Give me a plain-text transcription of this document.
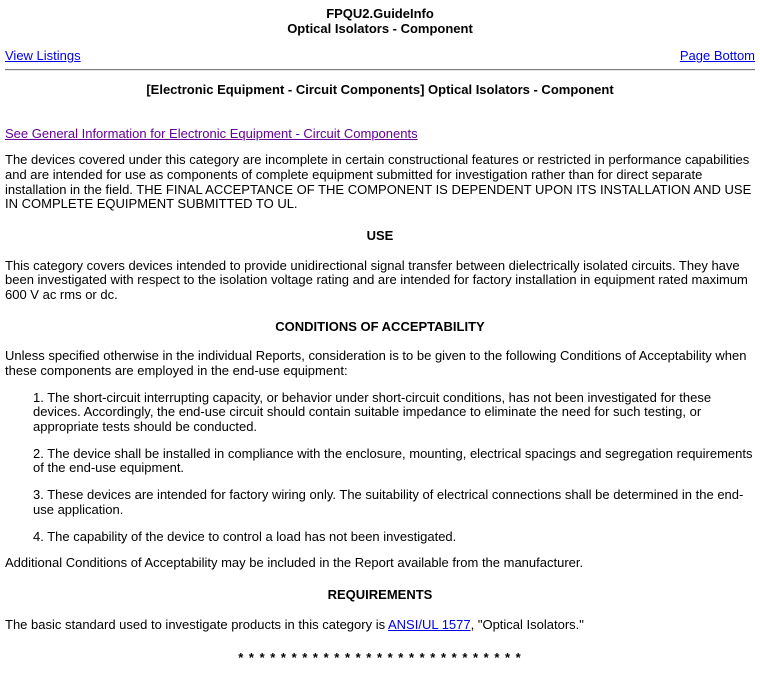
FPQU2.GuideInfo
Optical Isolators - Component
View Listings	Page Bottom
[Electronic Equipment - Circuit Components] Optical Isolators - Component

See General Information for Electronic Equipment - Circuit Components

The devices covered under this category are incomplete in certain constructional features or restricted in performance capabilities and are intended for use as components of complete equipment submitted for investigation rather than for direct separate installation in the field. THE FINAL ACCEPTANCE OF THE COMPONENT IS DEPENDENT UPON ITS INSTALLATION AND USE IN COMPLETE EQUIPMENT SUBMITTED TO UL.

USE

This category covers devices intended to provide unidirectional signal transfer between dielectrically isolated circuits. They have been investigated with respect to the isolation voltage rating and are intended for factory installation in equipment rated maximum 600 V ac rms or dc.

CONDITIONS OF ACCEPTABILITY

Unless specified otherwise in the individual Reports, consideration is to be given to the following Conditions of Acceptability when these components are employed in the end-use equipment:

1. The short-circuit interrupting capacity, or behavior under short-circuit conditions, has not been investigated for these devices. Accordingly, the end-use circuit should contain suitable impedance to eliminate the need for such testing, or appropriate tests should be conducted.

2. The device shall be installed in compliance with the enclosure, mounting, electrical spacings and segregation requirements of the end-use equipment.

3. These devices are intended for factory wiring only. The suitability of electrical connections shall be determined in the end-use application.

4. The capability of the device to control a load has not been investigated.

Additional Conditions of Acceptability may be included in the Report available from the manufacturer.

REQUIREMENTS

The basic standard used to investigate products in this category is ANSI/UL 1577, "Optical Isolators."

* * * * * * * * * * * * * * * * * * * * * * * * * * *
